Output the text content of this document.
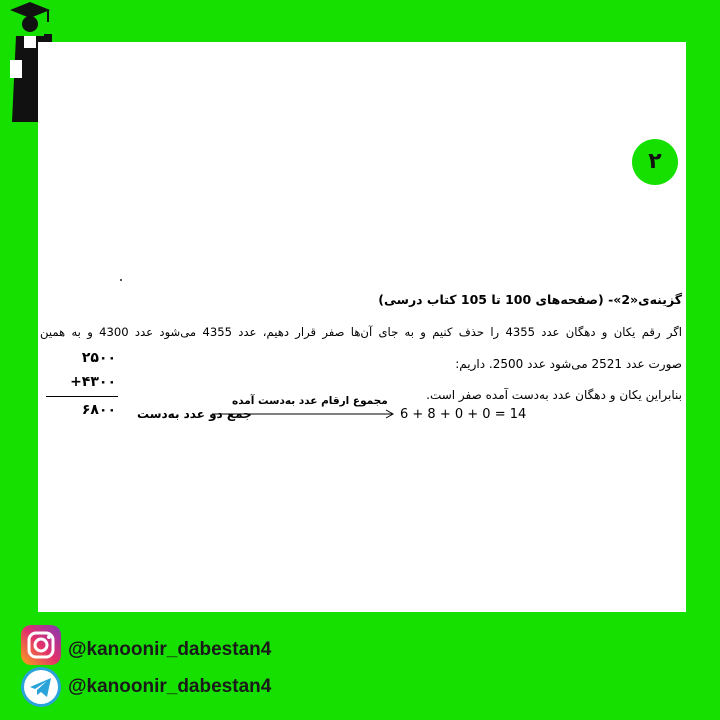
۲
گزینه‌ی«2»- (صفحه‌های 100 تا 105 کتاب درسی)
اگر رقم یکان و دهگان عدد 4355 را حذف کنیم و به جای آن‌ها صفر قرار دهیم، عدد 4355 می‌شود عدد 4300 و به همین
صورت عدد 2521 می‌شود عدد 2500. داریم:
بنابراین یکان و دهگان عدد به‌دست آمده صفر است.
۲۵۰۰
+۴۳۰۰
۶۸۰۰	جمع دو عدد به‌دست
مجموع ارقام عدد به‌دست آمده
6 + 8 + 0 + 0 = 14
@kanoonir_dabestan4
@kanoonir_dabestan4
